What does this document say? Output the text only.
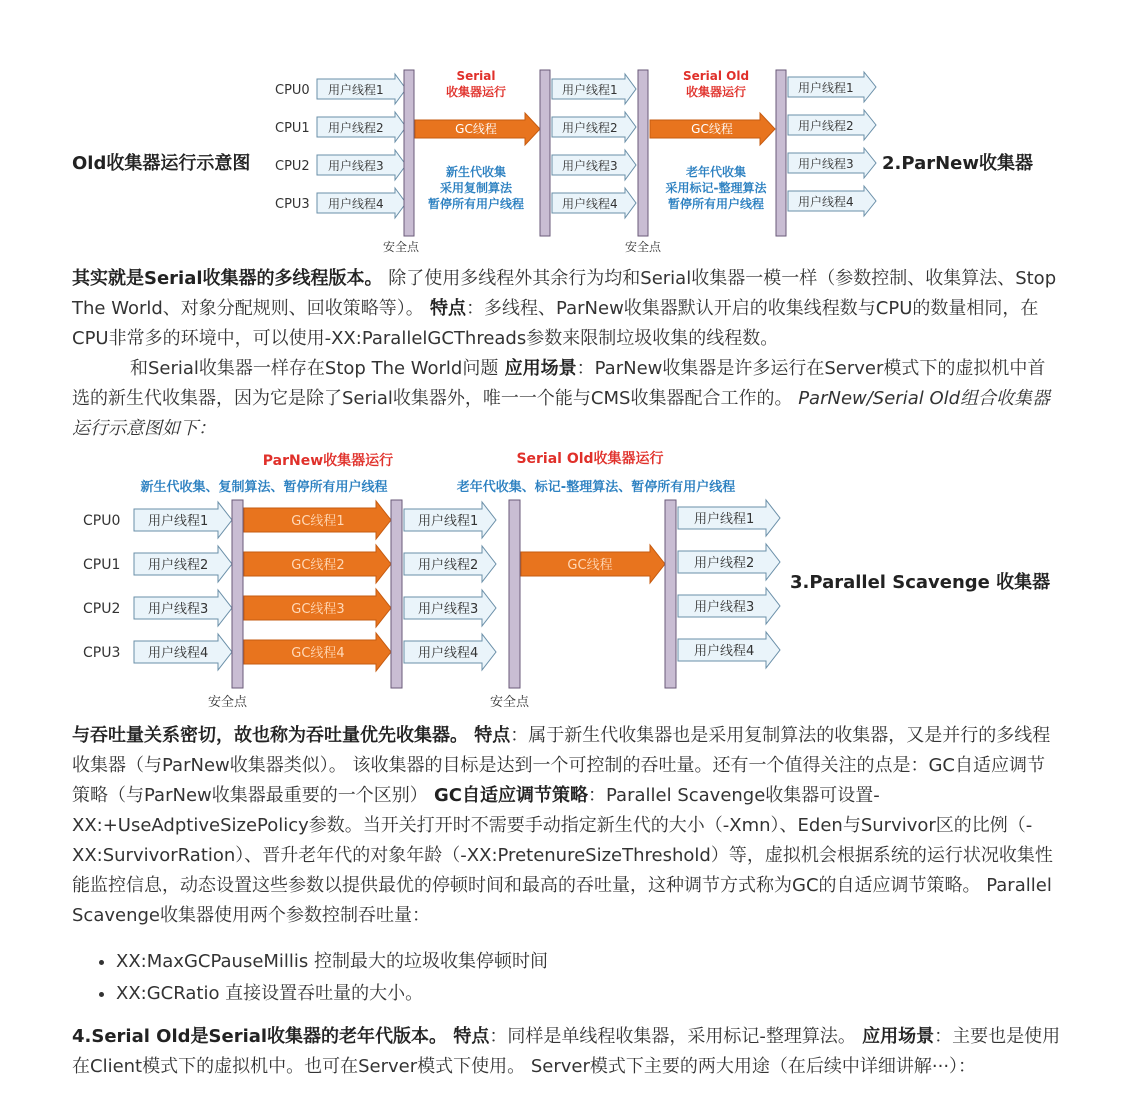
Old收集器运行示意图	2.ParNew收集器
CPU0
CPU1
CPU2
CPU3
用户线程1
用户线程2
用户线程3
用户线程4
安全点
Serial
收集器运行
GC线程
新生代收集
采用复制算法
暂停所有用户线程
用户线程1
用户线程2
用户线程3
用户线程4
安全点
Serial Old
收集器运行
GC线程
老年代收集
采用标记-整理算法
暂停所有用户线程
用户线程1
用户线程2
用户线程3
用户线程4
其实就是Serial收集器的多线程版本。 除了使用多线程外其余行为均和Serial收集器一模一样（参数控制、收集算法、Stop The World、对象分配规则、回收策略等）。 特点：多线程、ParNew收集器默认开启的收集线程数与CPU的数量相同，在CPU非常多的环境中，可以使用-XX:ParallelGCThreads参数来限制垃圾收集的线程数。
和Serial收集器一样存在Stop The World问题 应用场景：ParNew收集器是许多运行在Server模式下的虚拟机中首选的新生代收集器，因为它是除了Serial收集器外，唯一一个能与CMS收集器配合工作的。 ParNew/Serial Old组合收集器运行示意图如下：
ParNew收集器运行	Serial Old收集器运行
新生代收集、复制算法、暂停所有用户线程	老年代收集、标记-整理算法、暂停所有用户线程
CPU0
CPU1
CPU2
CPU3
用户线程1
用户线程2
用户线程3
用户线程4
安全点
GC线程1
GC线程2
GC线程3
GC线程4
用户线程1
用户线程2
用户线程3
用户线程4
安全点
GC线程
用户线程1
用户线程2
用户线程3
用户线程4
3.Parallel Scavenge 收集器
与吞吐量关系密切，故也称为吞吐量优先收集器。 特点：属于新生代收集器也是采用复制算法的收集器，又是并行的多线程收集器（与ParNew收集器类似）。 该收集器的目标是达到一个可控制的吞吐量。还有一个值得关注的点是：GC自适应调节策略（与ParNew收集器最重要的一个区别） GC自适应调节策略：Parallel Scavenge收集器可设置-XX:+UseAdptiveSizePolicy参数。当开关打开时不需要手动指定新生代的大小（-Xmn）、Eden与Survivor区的比例（-XX:SurvivorRation）、晋升老年代的对象年龄（-XX:PretenureSizeThreshold）等，虚拟机会根据系统的运行状况收集性能监控信息，动态设置这些参数以提供最优的停顿时间和最高的吞吐量，这种调节方式称为GC的自适应调节策略。 Parallel Scavenge收集器使用两个参数控制吞吐量：
• XX:MaxGCPauseMillis 控制最大的垃圾收集停顿时间
• XX:GCRatio 直接设置吞吐量的大小。
4.Serial Old是Serial收集器的老年代版本。 特点：同样是单线程收集器，采用标记-整理算法。 应用场景：主要也是使用在Client模式下的虚拟机中。也可在Server模式下使用。 Server模式下主要的两大用途（在后续中详细讲解···）：
